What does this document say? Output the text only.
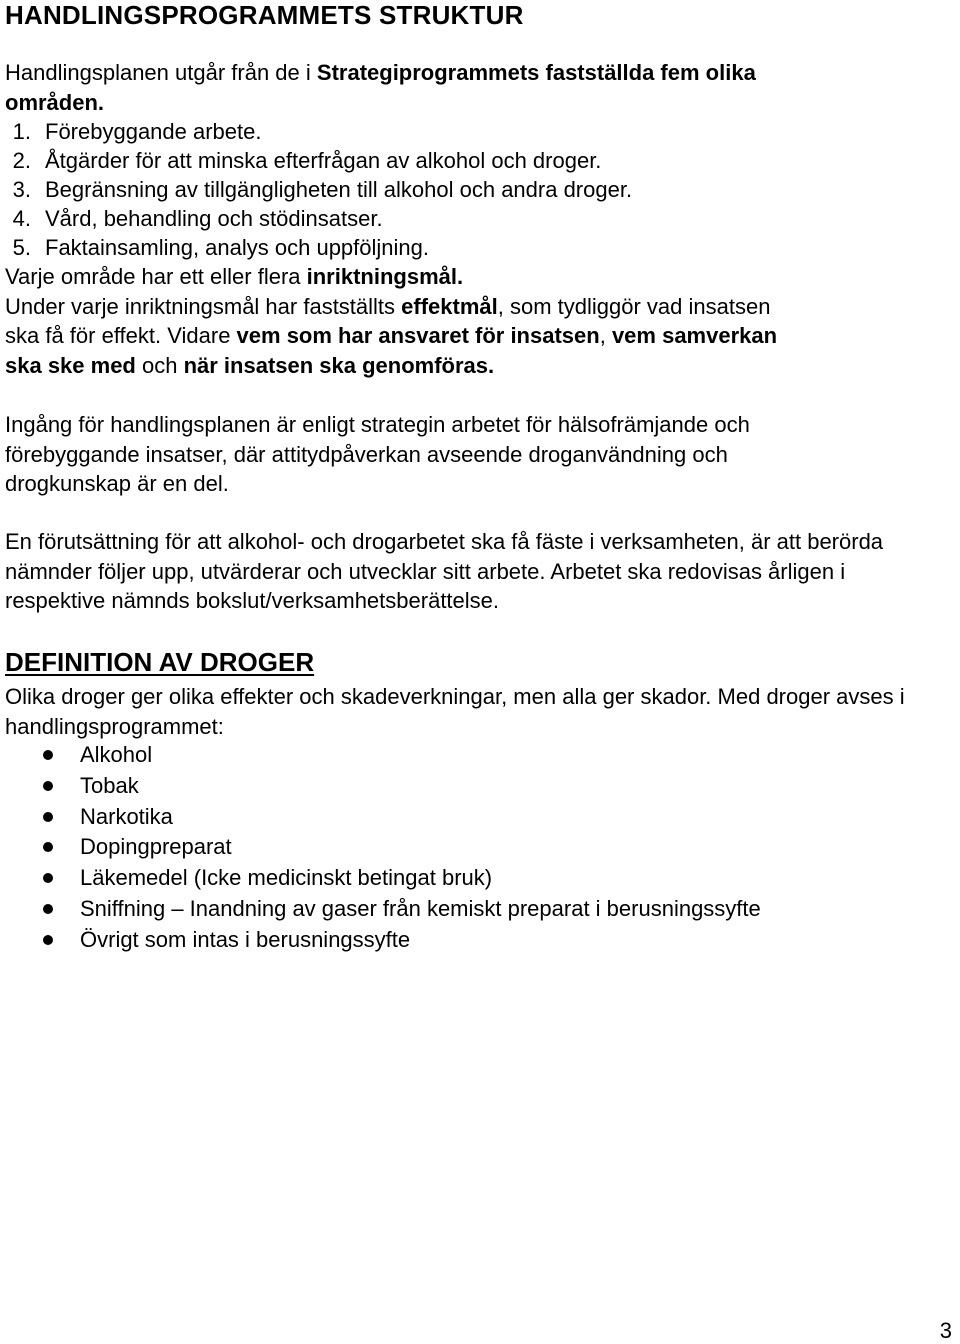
HANDLINGSPROGRAMMETS STRUKTUR
Handlingsplanen utgår från de i Strategiprogrammets fastställda fem olika områden.
1. Förebyggande arbete.
2. Åtgärder för att minska efterfrågan av alkohol och droger.
3. Begränsning av tillgängligheten till alkohol och andra droger.
4. Vård, behandling och stödinsatser.
5. Faktainsamling, analys och uppföljning.
Varje område har ett eller flera inriktningsmål.
Under varje inriktningsmål har fastställts effektmål, som tydliggör vad insatsen ska få för effekt. Vidare vem som har ansvaret för insatsen, vem samverkan ska ske med och när insatsen ska genomföras.
Ingång för handlingsplanen är enligt strategin arbetet för hälsofrämjande och förebyggande insatser, där attitydpåverkan avseende droganvändning och drogkunskap är en del.
En förutsättning för att alkohol- och drogarbetet ska få fäste i verksamheten, är att berörda nämnder följer upp, utvärderar och utvecklar sitt arbete. Arbetet ska redovisas årligen i respektive nämnds bokslut/verksamhetsberättelse.
DEFINITION AV DROGER
Olika droger ger olika effekter och skadeverkningar, men alla ger skador. Med droger avses i handlingsprogrammet:
Alkohol
Tobak
Narkotika
Dopingpreparat
Läkemedel (Icke medicinskt betingat bruk)
Sniffning – Inandning av gaser från kemiskt preparat i berusningssyfte
Övrigt som intas i berusningssyfte
3
